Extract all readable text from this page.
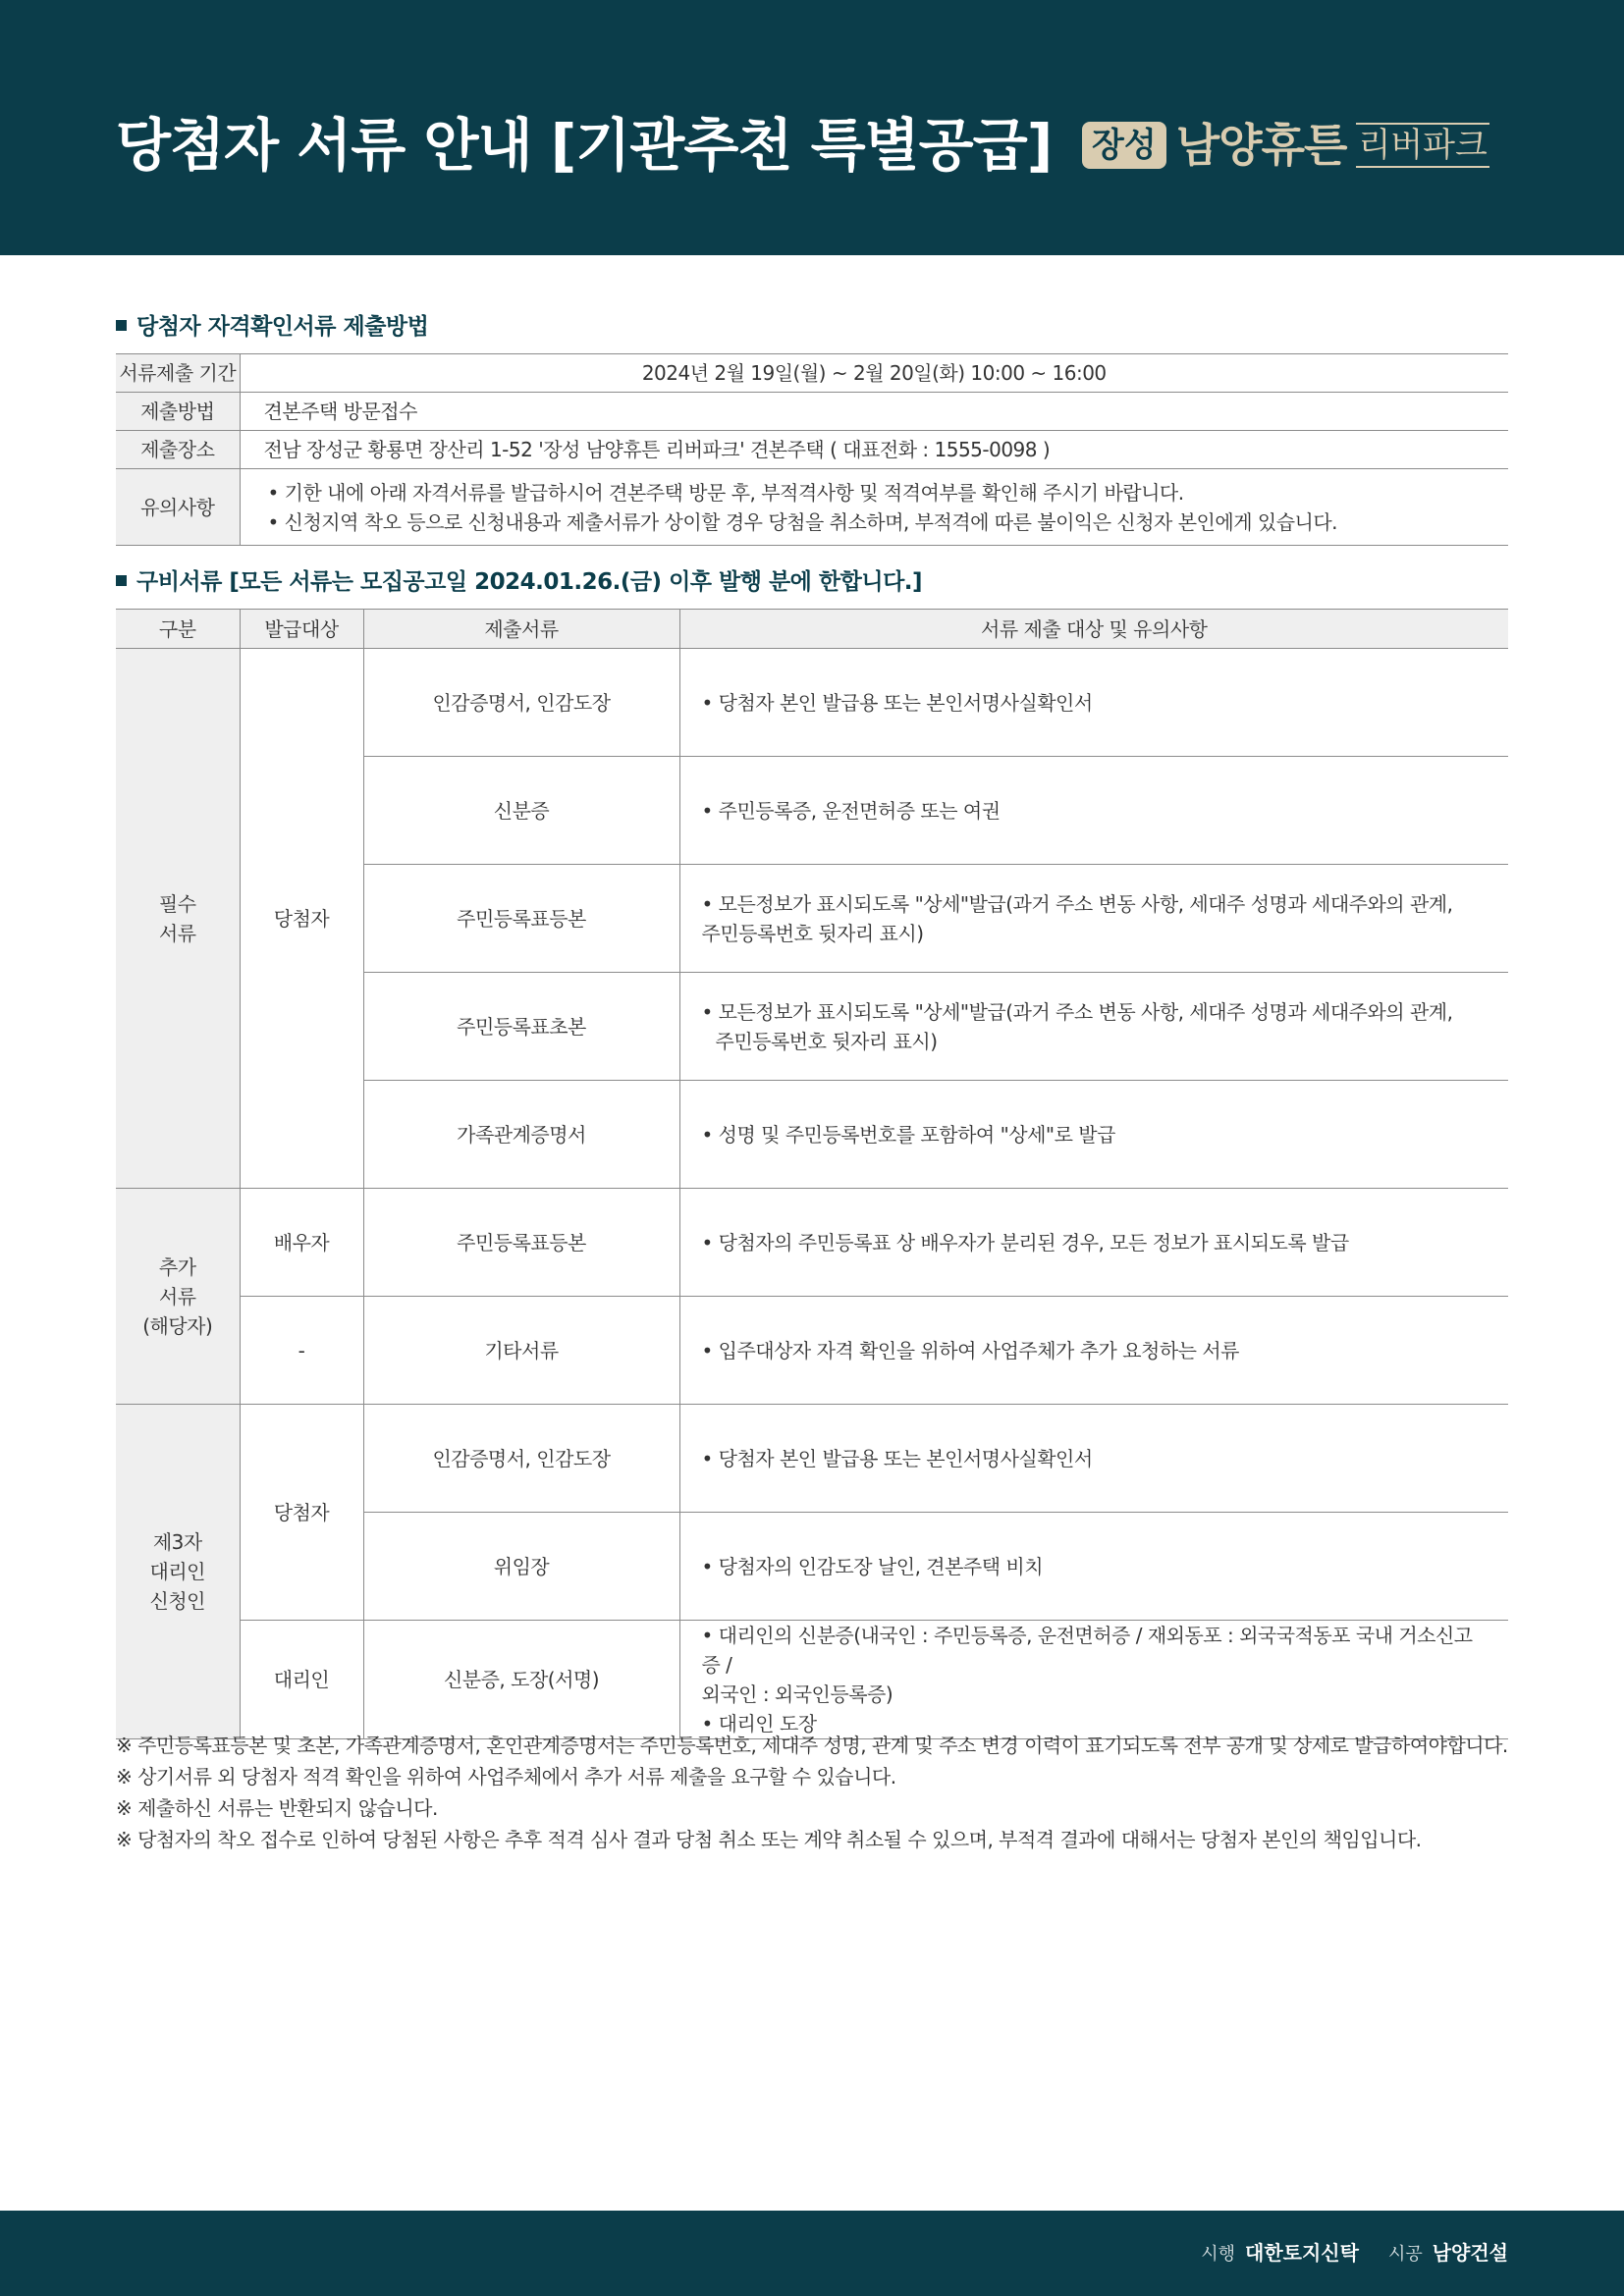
당첨자 서류 안내 [기관추천 특별공급] 장성 남양휴튼 리버파크
당첨자 자격확인서류 제출방법
서류제출 기간	2024년 2월 19일(월) ~ 2월 20일(화) 10:00 ~ 16:00
제출방법	견본주택 방문접수
제출장소	전남 장성군 황룡면 장산리 1-52 '장성 남양휴튼 리버파크' 견본주택 ( 대표전화 : 1555-0098 )
유의사항	• 기한 내에 아래 자격서류를 발급하시어 견본주택 방문 후, 부적격사항 및 적격여부를 확인해 주시기 바랍니다.
• 신청지역 착오 등으로 신청내용과 제출서류가 상이할 경우 당첨을 취소하며, 부적격에 따른 불이익은 신청자 본인에게 있습니다.
구비서류 [모든 서류는 모집공고일 2024.01.26.(금) 이후 발행 분에 한합니다.]
구분	발급대상	제출서류	서류 제출 대상 및 유의사항
필수
서류	당첨자	인감증명서, 인감도장	• 당첨자 본인 발급용 또는 본인서명사실확인서

		신분증	• 주민등록증, 운전면허증 또는 여권

		주민등록표등본	• 모든정보가 표시되도록 "상세"발급(과거 주소 변동 사항, 세대주 성명과 세대주와의 관계,
주민등록번호 뒷자리 표시)

		주민등록표초본	• 모든정보가 표시되도록 "상세"발급(과거 주소 변동 사항, 세대주 성명과 세대주와의 관계,
주민등록번호 뒷자리 표시)

		가족관계증명서	• 성명 및 주민등록번호를 포함하여 "상세"로 발급

추가
서류
(해당자)	배우자	주민등록표등본	• 당첨자의 주민등록표 상 배우자가 분리된 경우, 모든 정보가 표시되도록 발급

	-	기타서류	• 입주대상자 자격 확인을 위하여 사업주체가 추가 요청하는 서류

제3자
대리인
신청인	당첨자	인감증명서, 인감도장	• 당첨자 본인 발급용 또는 본인서명사실확인서

		위임장	• 당첨자의 인감도장 날인, 견본주택 비치

	대리인	신분증, 도장(서명)	• 대리인의 신분증(내국인 : 주민등록증, 운전면허증 / 재외동포 : 외국국적동포 국내 거소신고증 /
외국인 : 외국인등록증)
• 대리인 도장
※ 주민등록표등본 및 초본, 가족관계증명서, 혼인관계증명서는 주민등록번호, 세대주 성명, 관계 및 주소 변경 이력이 표기되도록 전부 공개 및 상세로 발급하여야합니다.
※ 상기서류 외 당첨자 적격 확인을 위하여 사업주체에서 추가 서류 제출을 요구할 수 있습니다.
※ 제출하신 서류는 반환되지 않습니다.
※ 당첨자의 착오 접수로 인하여 당첨된 사항은 추후 적격 심사 결과 당첨 취소 또는 계약 취소될 수 있으며, 부적격 결과에 대해서는 당첨자 본인의 책임입니다.
시행 대한토지신탁 시공 남양건설
